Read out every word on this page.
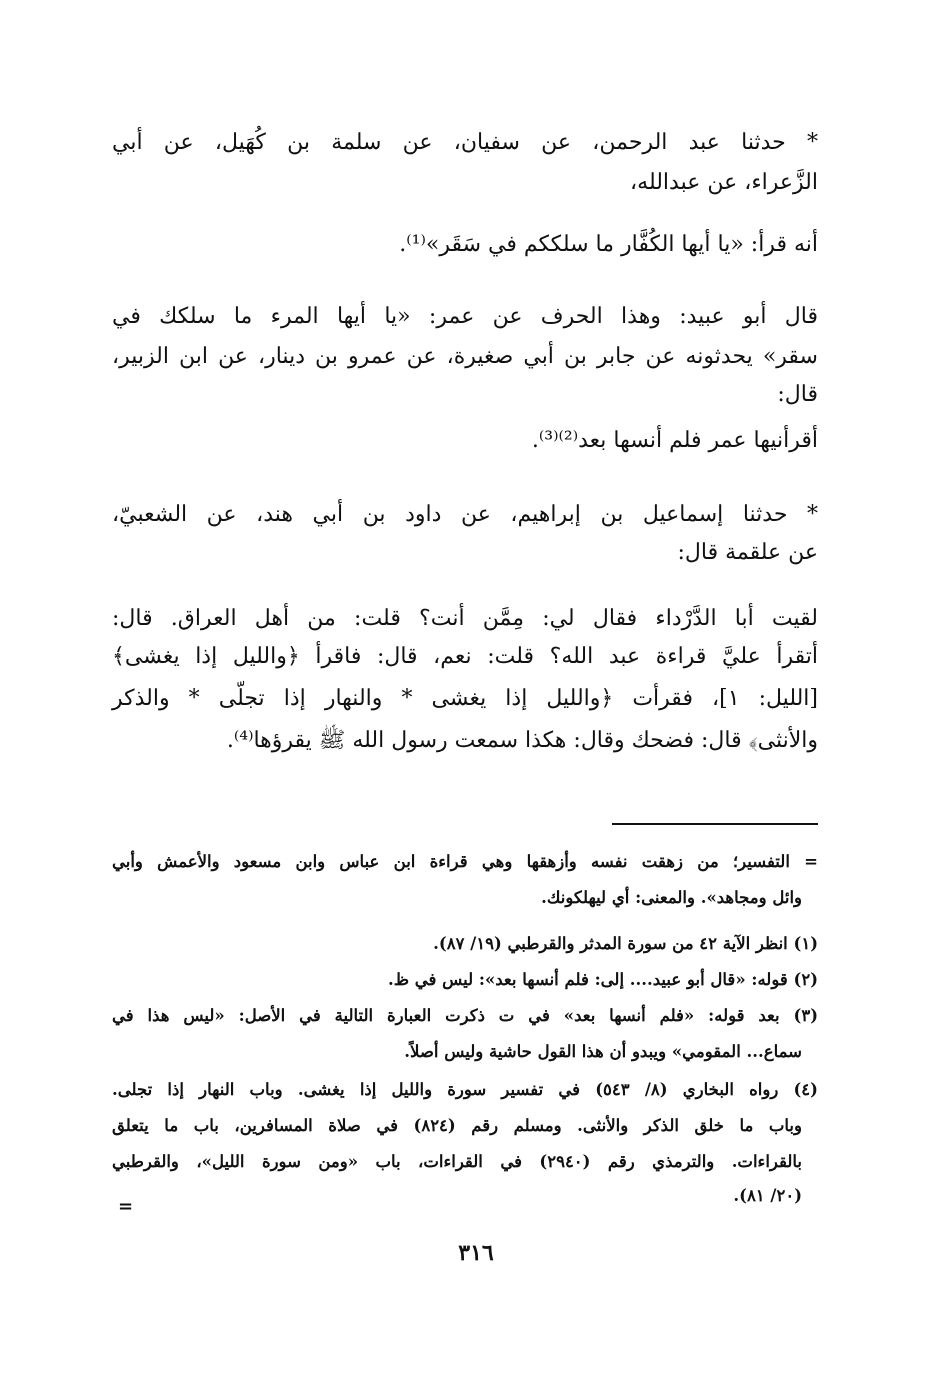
* حدثنا عبد الرحمن، عن سفيان، عن سلمة بن كُهَيل، عن أبي

الزَّعراء، عن عبدالله،

أنه قرأ: «يا أيها الكُفَّار ما سلككم في سَقَر»⁽¹⁾.

قال أبو عبيد: وهذا الحرف عن عمر: «يا أيها المرء ما سلكك في

سقر» يحدثونه عن جابر بن أبي صغيرة، عن عمرو بن دينار، عن ابن الزبير،

قال:

أقرأنيها عمر فلم أنسها بعد⁽²⁾⁽³⁾.

* حدثنا إسماعيل بن إبراهيم، عن داود بن أبي هند، عن الشعبيّ،

عن علقمة قال:

لقيت أبا الدَّرْداء فقال لي: مِمَّن أنت؟ قلت: من أهل العراق. قال:

أتقرأ عليَّ قراءة عبد الله؟ قلت: نعم، قال: فاقرأ ﴿والليل إذا يغشى﴾

[الليل: ١]، فقرأت ﴿والليل إذا يغشى * والنهار إذا تجلّى * والذكر

والأنثى﴾ قال: فضحك وقال: هكذا سمعت رسول الله ﷺ يقرؤها⁽⁴⁾.

= التفسير؛ من زهقت نفسه وأزهقها وهي قراءة ابن عباس وابن مسعود والأعمش وأبي

وائل ومجاهد». والمعنى: أي ليهلكونك.

(١) انظر الآية ٤٢ من سورة المدثر والقرطبي (١٩/ ٨٧).

(٢) قوله: «قال أبو عبيد.... إلى: فلم أنسها بعد»: ليس في ظ.

(٣) بعد قوله: «فلم أنسها بعد» في ت ذكرت العبارة التالية في الأصل: «ليس هذا في

سماع... المقومي» ويبدو أن هذا القول حاشية وليس أصلاً.

(٤) رواه البخاري (٨/ ٥٤٣) في تفسير سورة والليل إذا يغشى. وباب النهار إذا تجلى.

وباب ما خلق الذكر والأنثى. ومسلم رقم (٨٢٤) في صلاة المسافرين، باب ما يتعلق

بالقراءات. والترمذي رقم (٢٩٤٠) في القراءات، باب «ومن سورة الليل»، والقرطبي

(٢٠/ ٨١).

=
٣١٦
